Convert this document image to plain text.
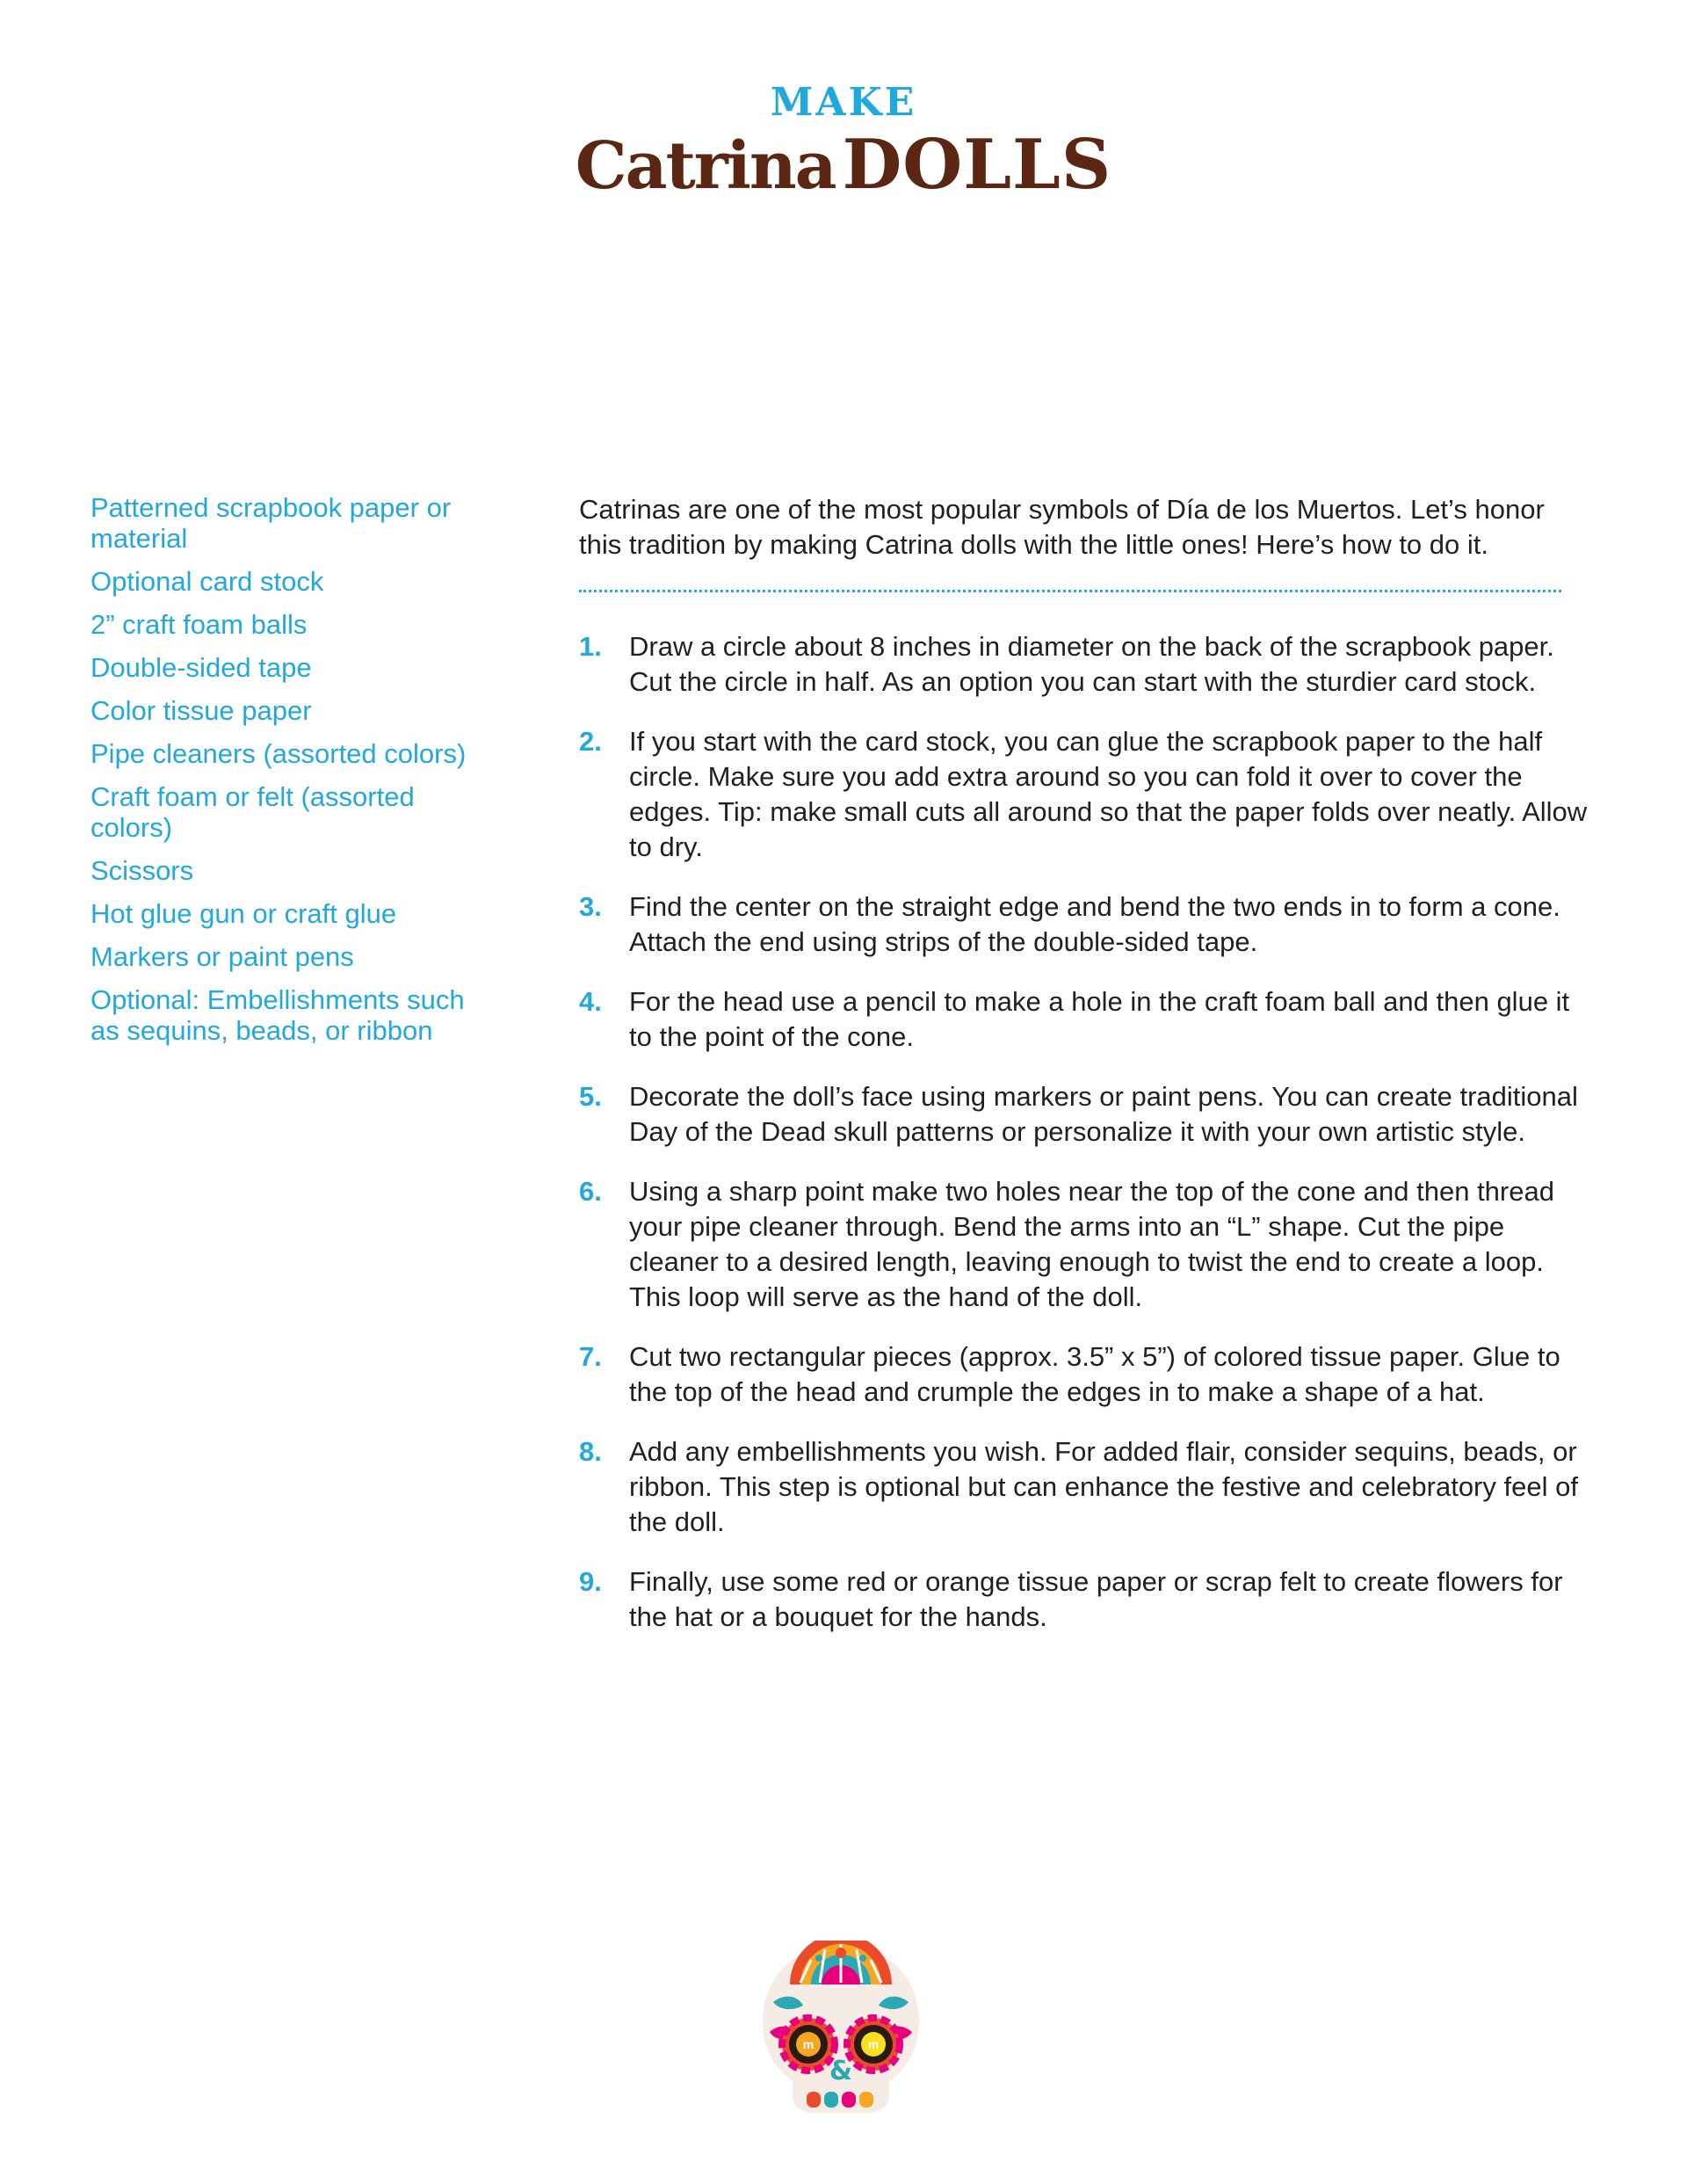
MAKE
Catrina DOLLS
Patterned scrapbook paper or material
Optional card stock
2” craft foam balls
Double-sided tape
Color tissue paper
Pipe cleaners (assorted colors)
Craft foam or felt (assorted colors)
Scissors
Hot glue gun or craft glue
Markers or paint pens
Optional: Embellishments such as sequins, beads, or ribbon

Catrinas are one of the most popular symbols of Día de los Muertos. Let’s honor this tradition by making Catrina dolls with the little ones! Here’s how to do it.

1. Draw a circle about 8 inches in diameter on the back of the scrapbook paper. Cut the circle in half. As an option you can start with the sturdier card stock.
2. If you start with the card stock, you can glue the scrapbook paper to the half circle. Make sure you add extra around so you can fold it over to cover the edges. Tip: make small cuts all around so that the paper folds over neatly. Allow to dry.
3. Find the center on the straight edge and bend the two ends in to form a cone. Attach the end using strips of the double-sided tape.
4. For the head use a pencil to make a hole in the craft foam ball and then glue it to the point of the cone.
5. Decorate the doll’s face using markers or paint pens. You can create traditional Day of the Dead skull patterns or personalize it with your own artistic style.
6. Using a sharp point make two holes near the top of the cone and then thread your pipe cleaner through. Bend the arms into an “L” shape. Cut the pipe cleaner to a desired length, leaving enough to twist the end to create a loop. This loop will serve as the hand of the doll.
7. Cut two rectangular pieces (approx. 3.5” x 5”) of colored tissue paper. Glue to the top of the head and crumple the edges in to make a shape of a hat.
8. Add any embellishments you wish. For added flair, consider sequins, beads, or ribbon. This step is optional but can enhance the festive and celebratory feel of the doll.
9. Finally, use some red or orange tissue paper or scrap felt to create flowers for the hat or a bouquet for the hands.
m	m
&
